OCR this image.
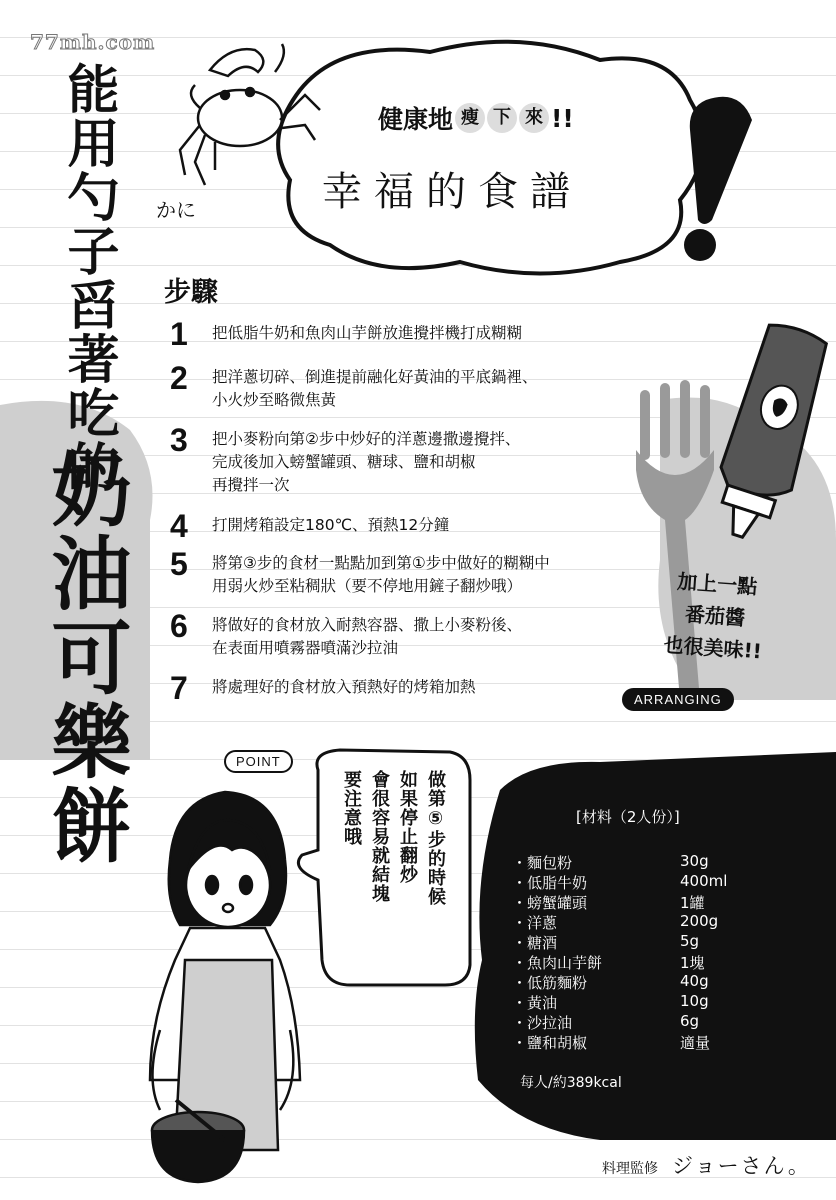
77mh.com
能用勺子舀著吃的
奶油可樂餅
かに
健康地 瘦 下 來 !!
幸福的食譜
步驟
1	把低脂牛奶和魚肉山芋餅放進攪拌機打成糊糊
2	把洋蔥切碎、倒進提前融化好黃油的平底鍋裡、
小火炒至略微焦黃
3	把小麥粉向第②步中炒好的洋蔥邊撒邊攪拌、
完成後加入螃蟹罐頭、糖球、鹽和胡椒
再攪拌一次
4	打開烤箱設定180℃、預熱12分鐘
5	將第③步的食材一點點加到第①步中做好的糊糊中
用弱火炒至粘稠狀（要不停地用鏟子翻炒哦）
6	將做好的食材放入耐熱容器、撒上小麥粉後、
在表面用噴霧器噴滿沙拉油
7	將處理好的食材放入預熱好的烤箱加熱
加上一點
番茄醬
也很美味!!
ARRANGING
POINT
做第⑤步的時候
如果停止翻炒
會很容易就結塊
要注意哦	[材料（2人份）]
・麵包粉	30g
・低脂牛奶	400ml
・螃蟹罐頭	1罐
・洋蔥	200g
・糖酒	5g
・魚肉山芋餅	1塊
・低筋麵粉	40g
・黃油	10g
・沙拉油	6g
・鹽和胡椒	適量
每人/約389kcal
料理監修 ジョーさん。
